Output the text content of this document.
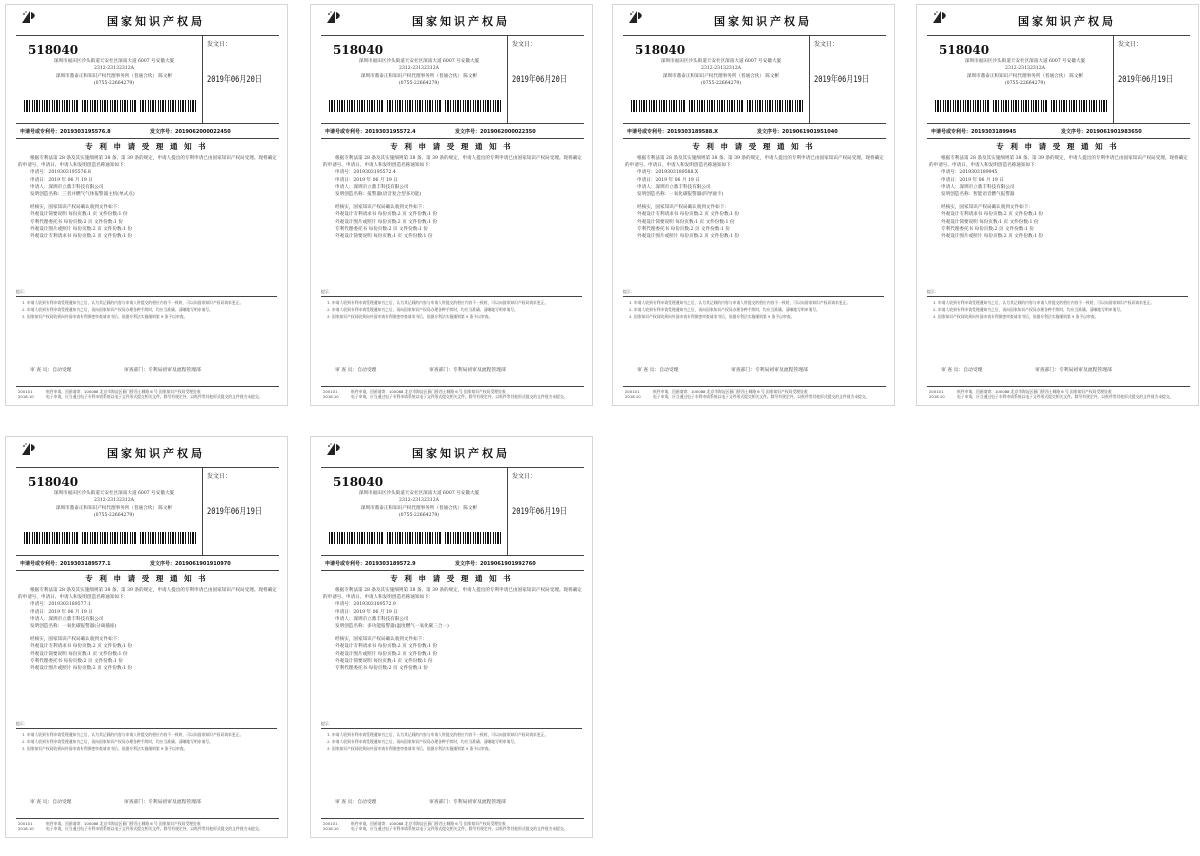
国家知识产权局
518040
深圳市福田区沙头街道天安社区深南大道 6007 号安徽大厦
2312-23132312A
深圳市鼎泰正和知识产权代理事务所（普通合伙） 陈文彬
(0755-22664279)
发文日：
2019年06月20日
申请号或专利号：2019303195576.8	发文序号：2019062000022450
专 利 申 请 受 理 通 知 书
根据专利法第 28 条及其实施细则第 38 条、第 39 条的规定，申请人提出的专利申请已由国家知识产权局受理。现将确定的申请号、申请日、申请人和发明创造名称通知如下：
申请号：2019303195576.8
申请日：2019 年 06 月 19 日
申请人：深圳市立鼎丰科技有限公司
发明创造名称：三者并燃气气体报警器主机(单式点)
经核实，国家知识产权局确认收到文件如下：
外观设计简要说明 每份页数:1 页 文件份数:1 份
专利代理委托书 每份页数:2 页 文件份数:1 份
外观设计图片或照片 每份页数:2 页 文件份数:1 份
外观设计专利请求书 每份页数:2 页 文件份数:1 份
提示：
1. 申请人收到专利申请受理通知书之后，认为其记载的内容与申请人所提交的相应内容不一致时，可以向国家知识产权局请求更正。
2. 申请人收到专利申请受理通知书之后，再向国家知识产权局办理各种手续时，均应当准确、清晰地写明申请号。
3. 国家知识产权局收到向外国申请专利保密审查请求书后，依据专利法实施细则第 9 条予以审查。
审 查 员：自动受理	审查部门：专利局初审及流程管理部
200101
2018.10
纸件申请，回函请寄：100088 北京市海淀区蓟门桥西土城路 6 号 国家知识产权局受理处收
电子申请，应当通过电子专利申请系统以电子文件形式提交相关文件。除另有规定外，以纸件等其他形式提交的文件视为未提交。
国家知识产权局
518040
深圳市福田区沙头街道天安社区深南大道 6007 号安徽大厦
2312-23132312A
深圳市鼎泰正和知识产权代理事务所（普通合伙） 陈文彬
(0755-22664279)
发文日：
2019年06月20日
申请号或专利号：2019303195572.4	发文序号：2019062000022350
专 利 申 请 受 理 通 知 书
根据专利法第 28 条及其实施细则第 38 条、第 39 条的规定，申请人提出的专利申请已由国家知识产权局受理。现将确定的申请号、申请日、申请人和发明创造名称通知如下：
申请号：2019303195572.4
申请日：2019 年 06 月 19 日
申请人：深圳市立鼎丰科技有限公司
发明创造名称：报警器(语音复合型多功能)
经核实，国家知识产权局确认收到文件如下：
外观设计专利请求书 每份页数:2 页 文件份数:1 份
外观设计图片或照片 每份页数:2 页 文件份数:1 份
专利代理委托书 每份页数:2 页 文件份数:1 份
外观设计简要说明 每份页数:1 页 文件份数:1 份
提示：
1. 申请人收到专利申请受理通知书之后，认为其记载的内容与申请人所提交的相应内容不一致时，可以向国家知识产权局请求更正。
2. 申请人收到专利申请受理通知书之后，再向国家知识产权局办理各种手续时，均应当准确、清晰地写明申请号。
3. 国家知识产权局收到向外国申请专利保密审查请求书后，依据专利法实施细则第 9 条予以审查。
审 查 员：自动受理	审查部门：专利局初审及流程管理部
200101
2018.10
纸件申请，回函请寄：100088 北京市海淀区蓟门桥西土城路 6 号 国家知识产权局受理处收
电子申请，应当通过电子专利申请系统以电子文件形式提交相关文件。除另有规定外，以纸件等其他形式提交的文件视为未提交。
国家知识产权局
518040
深圳市福田区沙头街道天安社区深南大道 6007 号安徽大厦
2312-23132312A
深圳市鼎泰正和知识产权代理事务所（普通合伙） 陈文彬
(0755-22664279)
发文日：
2019年06月19日
申请号或专利号：2019303189588.X	发文序号：2019061901951040
专 利 申 请 受 理 通 知 书
根据专利法第 28 条及其实施细则第 38 条、第 39 条的规定，申请人提出的专利申请已由国家知识产权局受理。现将确定的申请号、申请日、申请人和发明创造名称通知如下：
申请号：2019303189588.X
申请日：2019 年 06 月 19 日
申请人：深圳市立鼎丰科技有限公司
发明创造名称：一氧化碳报警器(四导通卡)
经核实，国家知识产权局确认收到文件如下：
外观设计专利请求书 每份页数:2 页 文件份数:1 份
外观设计简要说明 每份页数:1 页 文件份数:1 份
专利代理委托书 每份页数:2 页 文件份数:1 份
外观设计图片或照片 每份页数:2 页 文件份数:1 份
提示：
1. 申请人收到专利申请受理通知书之后，认为其记载的内容与申请人所提交的相应内容不一致时，可以向国家知识产权局请求更正。
2. 申请人收到专利申请受理通知书之后，再向国家知识产权局办理各种手续时，均应当准确、清晰地写明申请号。
3. 国家知识产权局收到向外国申请专利保密审查请求书后，依据专利法实施细则第 9 条予以审查。
审 查 员：自动受理	审查部门：专利局初审及流程管理部
200101
2018.10
纸件申请，回函请寄：100088 北京市海淀区蓟门桥西土城路 6 号 国家知识产权局受理处收
电子申请，应当通过电子专利申请系统以电子文件形式提交相关文件。除另有规定外，以纸件等其他形式提交的文件视为未提交。
国家知识产权局
518040
深圳市福田区沙头街道天安社区深南大道 6007 号安徽大厦
2312-23132312A
深圳市鼎泰正和知识产权代理事务所（普通合伙） 陈文彬
(0755-22664279)
发文日：
2019年06月19日
申请号或专利号：2019303189945	发文序号：2019061901983650
专 利 申 请 受 理 通 知 书
根据专利法第 28 条及其实施细则第 38 条、第 39 条的规定，申请人提出的专利申请已由国家知识产权局受理。现将确定的申请号、申请日、申请人和发明创造名称通知如下：
申请号：2019303189945
申请日：2019 年 06 月 19 日
申请人：深圳市立鼎丰科技有限公司
发明创造名称：智能语音燃气报警器
经核实，国家知识产权局确认收到文件如下：
外观设计专利请求书 每份页数:2 页 文件份数:1 份
外观设计简要说明 每份页数:1 页 文件份数:1 份
专利代理委托书 每份页数:2 页 文件份数:1 份
外观设计图片或照片 每份页数:2 页 文件份数:1 份
提示：
1. 申请人收到专利申请受理通知书之后，认为其记载的内容与申请人所提交的相应内容不一致时，可以向国家知识产权局请求更正。
2. 申请人收到专利申请受理通知书之后，再向国家知识产权局办理各种手续时，均应当准确、清晰地写明申请号。
3. 国家知识产权局收到向外国申请专利保密审查请求书后，依据专利法实施细则第 9 条予以审查。
审 查 员：自动受理	审查部门：专利局初审及流程管理部
200101
2018.10
纸件申请，回函请寄：100088 北京市海淀区蓟门桥西土城路 6 号 国家知识产权局受理处收
电子申请，应当通过电子专利申请系统以电子文件形式提交相关文件。除另有规定外，以纸件等其他形式提交的文件视为未提交。
国家知识产权局
518040
深圳市福田区沙头街道天安社区深南大道 6007 号安徽大厦
2312-23132312A
深圳市鼎泰正和知识产权代理事务所（普通合伙） 陈文彬
(0755-22664279)
发文日：
2019年06月19日
申请号或专利号：2019303189577.1	发文序号：2019061901910970
专 利 申 请 受 理 通 知 书
根据专利法第 28 条及其实施细则第 38 条、第 39 条的规定，申请人提出的专利申请已由国家知识产权局受理。现将确定的申请号、申请日、申请人和发明创造名称通知如下：
申请号：2019303189577.1
申请日：2019 年 06 月 19 日
申请人：深圳市立鼎丰科技有限公司
发明创造名称：一氧化碳报警器(分离插座)
经核实，国家知识产权局确认收到文件如下：
外观设计专利请求书 每份页数:2 页 文件份数:1 份
外观设计简要说明 每份页数:1 页 文件份数:1 份
专利代理委托书 每份页数:2 页 文件份数:1 份
外观设计图片或照片 每份页数:2 页 文件份数:1 份
提示：
1. 申请人收到专利申请受理通知书之后，认为其记载的内容与申请人所提交的相应内容不一致时，可以向国家知识产权局请求更正。
2. 申请人收到专利申请受理通知书之后，再向国家知识产权局办理各种手续时，均应当准确、清晰地写明申请号。
3. 国家知识产权局收到向外国申请专利保密审查请求书后，依据专利法实施细则第 9 条予以审查。
审 查 员：自动受理	审查部门：专利局初审及流程管理部
200101
2018.10
纸件申请，回函请寄：100088 北京市海淀区蓟门桥西土城路 6 号 国家知识产权局受理处收
电子申请，应当通过电子专利申请系统以电子文件形式提交相关文件。除另有规定外，以纸件等其他形式提交的文件视为未提交。
国家知识产权局
518040
深圳市福田区沙头街道天安社区深南大道 6007 号安徽大厦
2312-23132312A
深圳市鼎泰正和知识产权代理事务所（普通合伙） 陈文彬
(0755-22664279)
发文日：
2019年06月19日
申请号或专利号：2019303189572.9	发文序号：2019061901992760
专 利 申 请 受 理 通 知 书
根据专利法第 28 条及其实施细则第 38 条、第 39 条的规定，申请人提出的专利申请已由国家知识产权局受理。现将确定的申请号、申请日、申请人和发明创造名称通知如下：
申请号：2019303189572.9
申请日：2019 年 06 月 19 日
申请人：深圳市立鼎丰科技有限公司
发明创造名称：多功能报警器(温度燃气一氧化碳三合一)
经核实，国家知识产权局确认收到文件如下：
外观设计专利请求书 每份页数:2 页 文件份数:1 份
外观设计图片或照片 每份页数:2 页 文件份数:1 份
外观设计简要说明 每份页数:1 页 文件份数:1 份
专利代理委托书 每份页数:2 页 文件份数:1 份
提示：
1. 申请人收到专利申请受理通知书之后，认为其记载的内容与申请人所提交的相应内容不一致时，可以向国家知识产权局请求更正。
2. 申请人收到专利申请受理通知书之后，再向国家知识产权局办理各种手续时，均应当准确、清晰地写明申请号。
3. 国家知识产权局收到向外国申请专利保密审查请求书后，依据专利法实施细则第 9 条予以审查。
审 查 员：自动受理	审查部门：专利局初审及流程管理部
200101
2018.10
纸件申请，回函请寄：100088 北京市海淀区蓟门桥西土城路 6 号 国家知识产权局受理处收
电子申请，应当通过电子专利申请系统以电子文件形式提交相关文件。除另有规定外，以纸件等其他形式提交的文件视为未提交。
